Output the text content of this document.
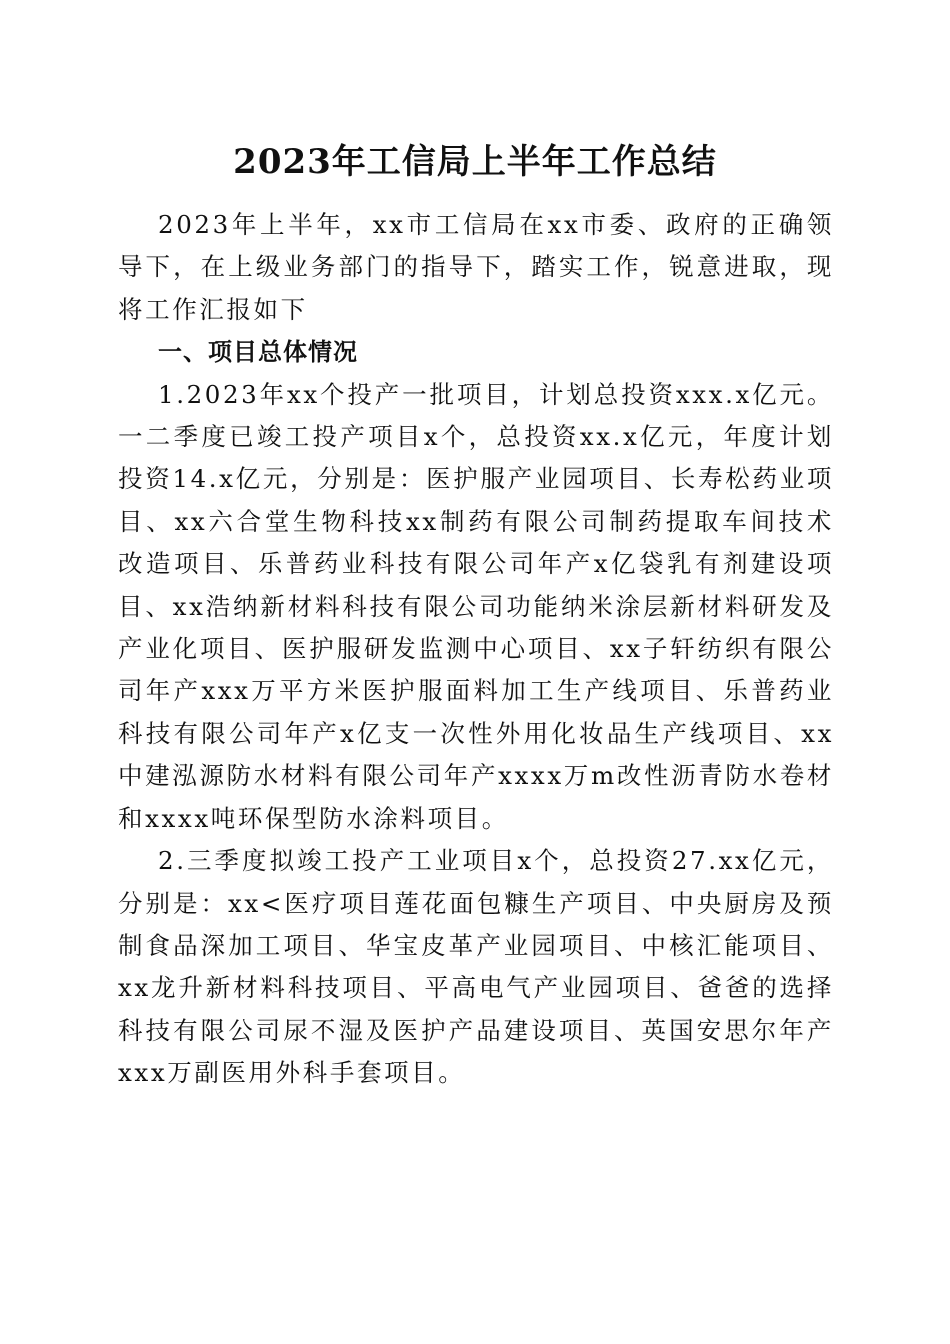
2023年工信局上半年工作总结

2023年上半年，xx市工信局在xx市委、政府的正确领导下，在上级业务部门的指导下，踏实工作，锐意进取，现将工作汇报如下

一、项目总体情况

1.2023年xx个投产一批项目，计划总投资xxx.x亿元。一二季度已竣工投产项目x个，总投资xx.x亿元，年度计划投资14.x亿元，分别是：医护服产业园项目、长寿松药业项目、xx六合堂生物科技xx制药有限公司制药提取车间技术改造项目、乐普药业科技有限公司年产x亿袋乳有剂建设项目、xx浩纳新材料科技有限公司功能纳米涂层新材料研发及产业化项目、医护服研发监测中心项目、xx子轩纺织有限公司年产xxx万平方米医护服面料加工生产线项目、乐普药业科技有限公司年产x亿支一次性外用化妆品生产线项目、xx中建泓源防水材料有限公司年产xxxx万m改性沥青防水卷材和xxxx吨环保型防水涂料项目。

2.三季度拟竣工投产工业项目x个，总投资27.xx亿元，分别是：xx<医疗项目莲花面包糠生产项目、中央厨房及预制食品深加工项目、华宝皮革产业园项目、中核汇能项目、xx龙升新材料科技项目、平高电气产业园项目、爸爸的选择科技有限公司尿不湿及医护产品建设项目、英国安思尔年产xxx万副医用外科手套项目。
